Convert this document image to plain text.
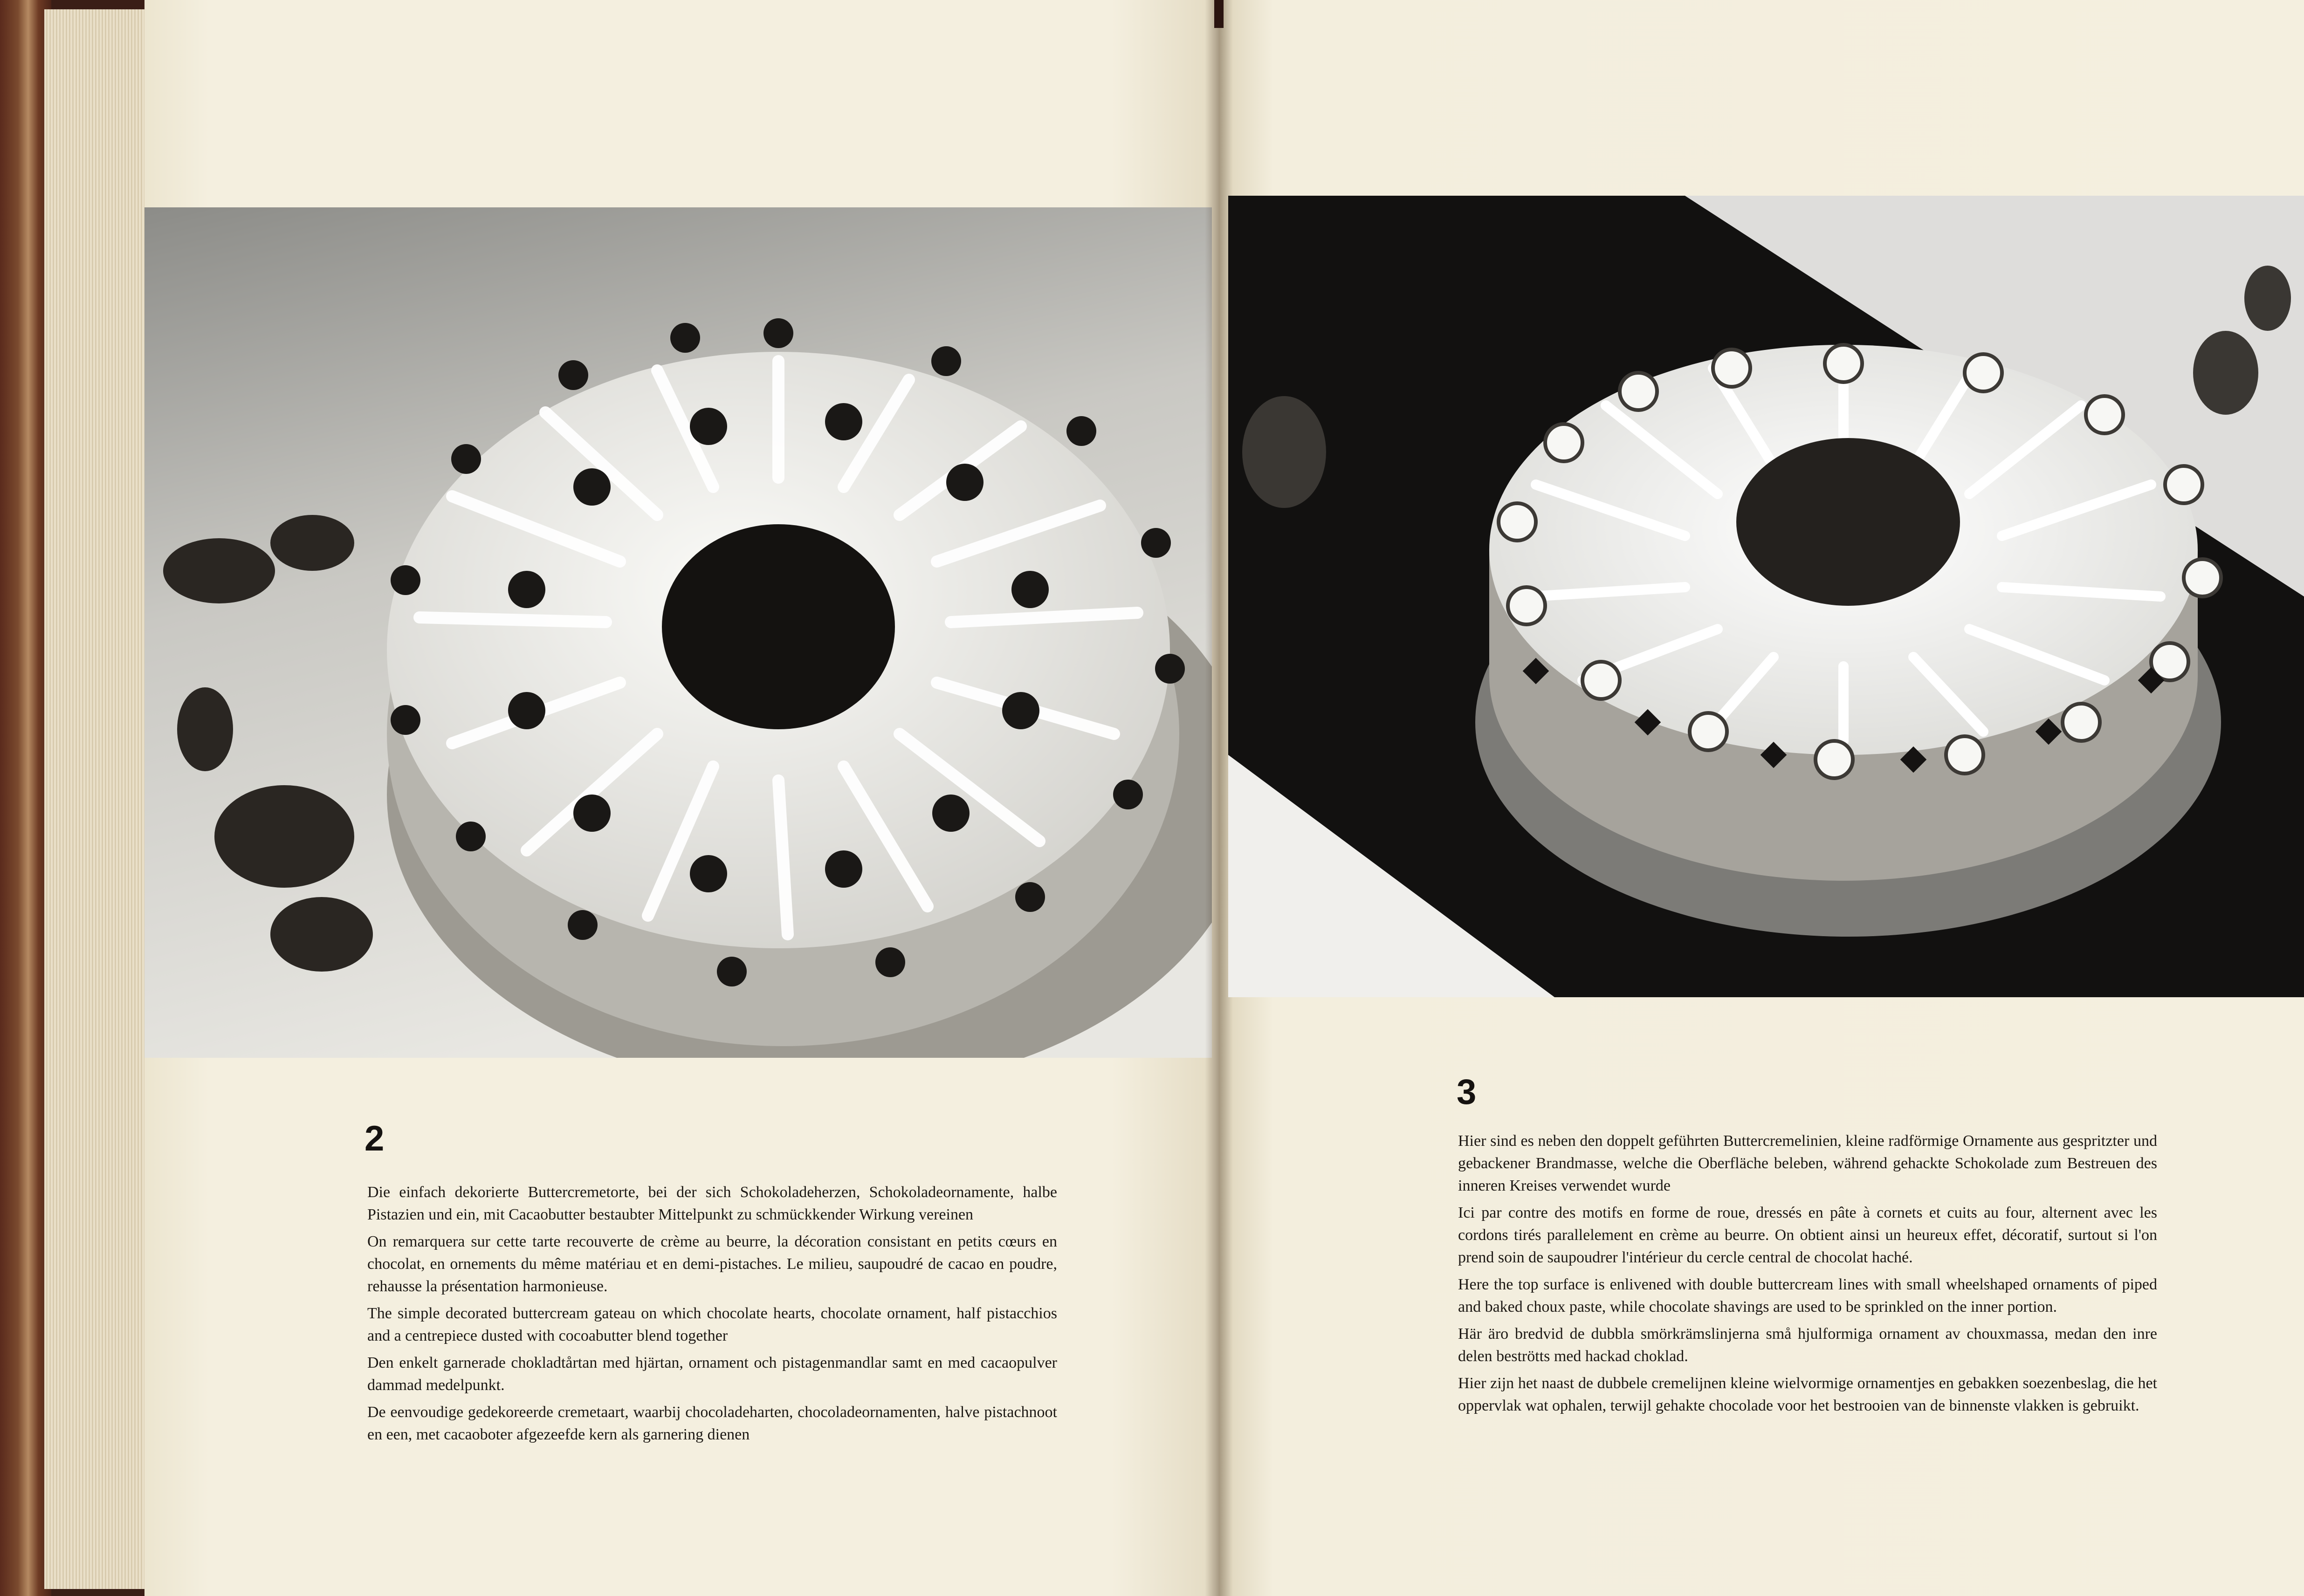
2

Die einfach dekorierte Buttercremetorte, bei der sich Schokoladeherzen, Schokoladeornamente, halbe Pistazien und ein, mit Cacaobutter bestaubter Mittelpunkt zu schmückkender Wirkung vereinen

On remarquera sur cette tarte recouverte de crème au beurre, la décoration consistant en petits cœurs en chocolat, en ornements du même matériau et en demi-pistaches. Le milieu, saupoudré de cacao en poudre, rehausse la présentation harmonieuse.

The simple decorated buttercream gateau on which chocolate hearts, chocolate ornament, half pistacchios and a centrepiece dusted with cocoabutter blend together

Den enkelt garnerade chokladtårtan med hjärtan, ornament och pistagenmandlar samt en med cacaopulver dammad medelpunkt.

De eenvoudige gedekoreerde cremetaart, waarbij chocoladeharten, chocoladeornamenten, halve pistachnoot en een, met cacaoboter afgezeefde kern als garnering dienen

3

Hier sind es neben den doppelt geführten Buttercremelinien, kleine radförmige Ornamente aus gespritzter und gebackener Brandmasse, welche die Oberfläche beleben, während gehackte Schokolade zum Bestreuen des inneren Kreises verwendet wurde

Ici par contre des motifs en forme de roue, dressés en pâte à cornets et cuits au four, alternent avec les cordons tirés parallelement en crème au beurre. On obtient ainsi un heureux effet, décoratif, surtout si l'on prend soin de saupoudrer l'intérieur du cercle central de chocolat haché.

Here the top surface is enlivened with double buttercream lines with small wheelshaped ornaments of piped and baked choux paste, while chocolate shavings are used to be sprinkled on the inner portion.

Här äro bredvid de dubbla smörkrämslinjerna små hjulformiga ornament av chouxmassa, medan den inre delen beströtts med hackad choklad.

Hier zijn het naast de dubbele cremelijnen kleine wielvormige ornamentjes en gebakken soezenbeslag, die het oppervlak wat ophalen, terwijl gehakte chocolade voor het bestrooien van de binnenste vlakken is gebruikt.
